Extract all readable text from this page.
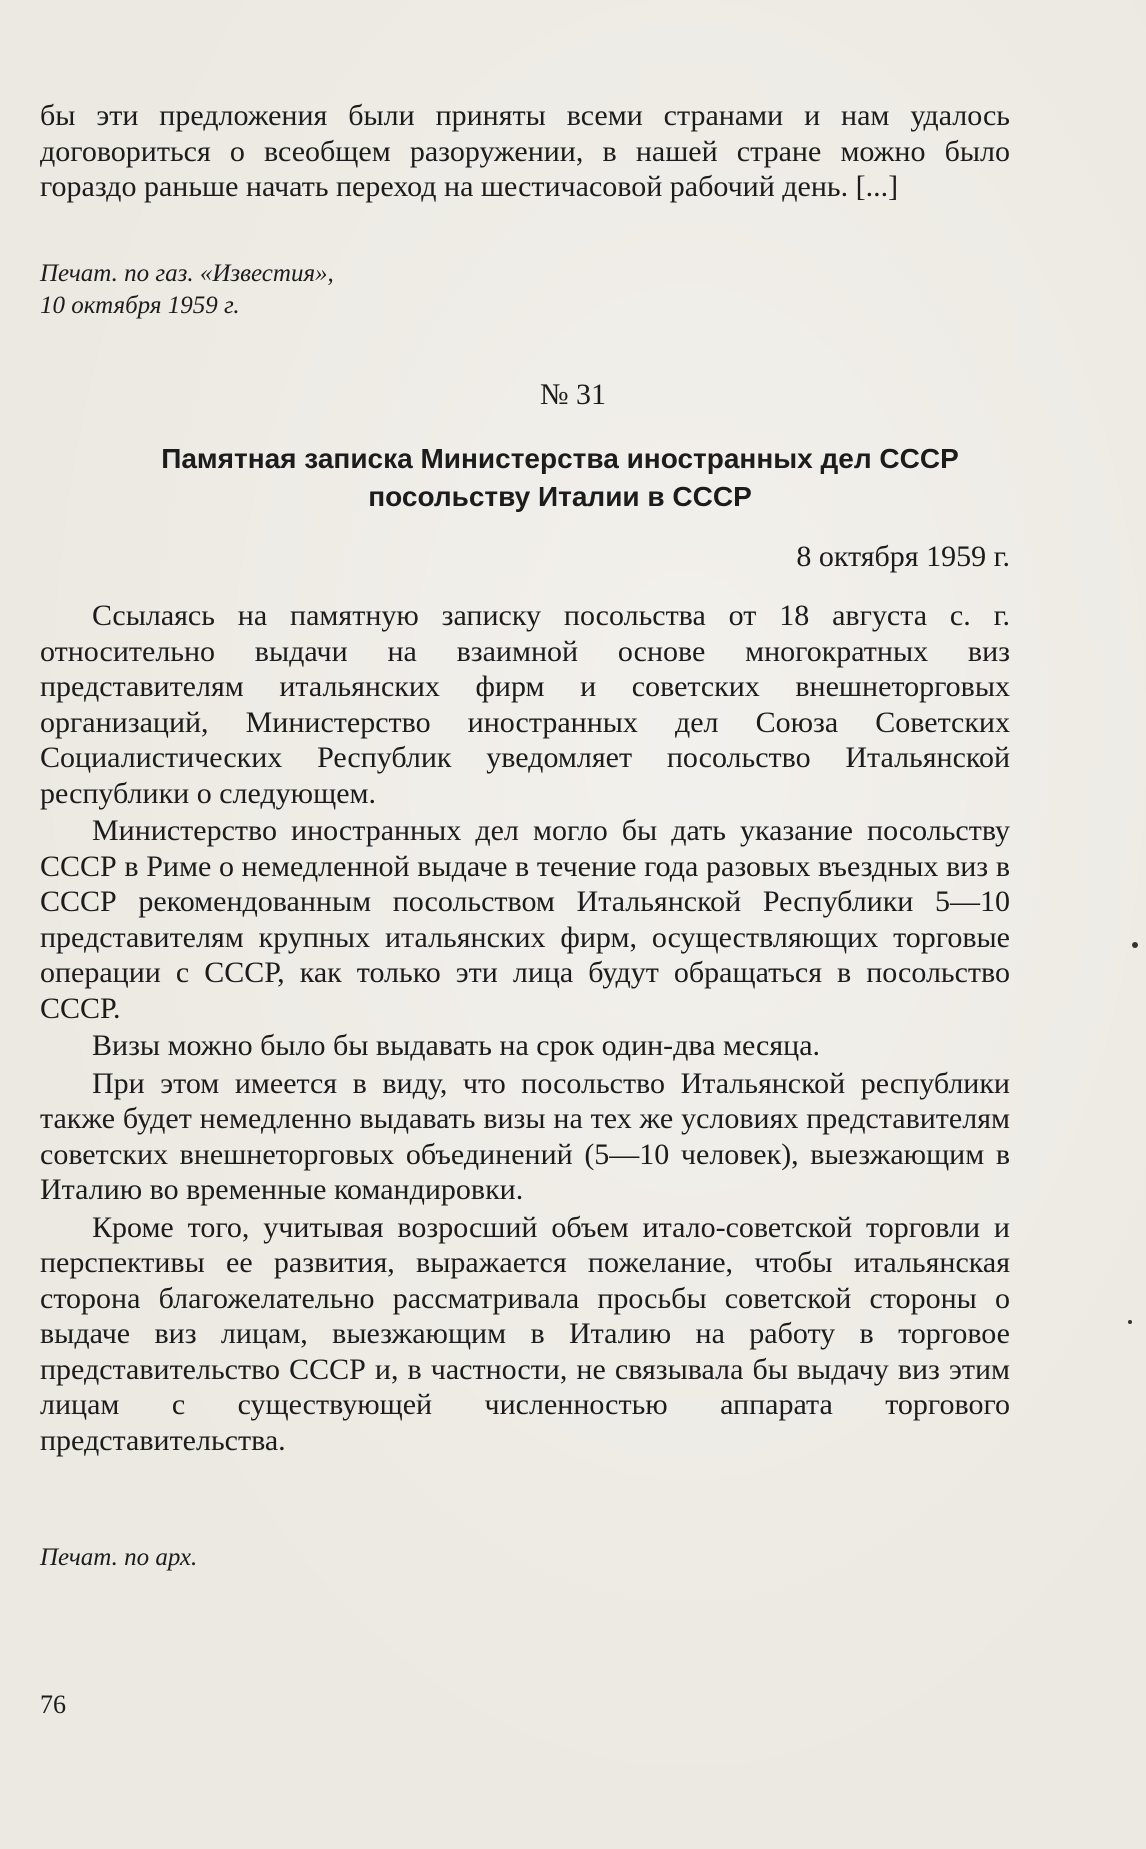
бы эти предложения были приняты всеми странами и нам удалось договориться о всеобщем разоружении, в нашей стране можно было гораздо раньше начать переход на шестичасовой рабочий день. [...]

Печат. по газ. «Известия»,

10 октября 1959 г.

№ 31
Памятная записка Министерства иностранных дел СССР
посольству Италии в СССР
8 октября 1959 г.

Ссылаясь на памятную записку посольства от 18 августа с. г. относительно выдачи на взаимной основе многократных виз представителям итальянских фирм и советских внешнеторговых организаций, Министерство иностранных дел Союза Советских Социалистических Республик уведомляет посольство Итальянской республики о следующем.

Министерство иностранных дел могло бы дать указание посольству СССР в Риме о немедленной выдаче в течение года разовых въездных виз в СССР рекомендованным посольством Итальянской Республики 5—10 представителям крупных итальянских фирм, осуществляющих торговые операции с СССР, как только эти лица будут обращаться в посольство СССР.

Визы можно было бы выдавать на срок один-два месяца.

При этом имеется в виду, что посольство Итальянской республики также будет немедленно выдавать визы на тех же условиях представителям советских внешнеторговых объединений (5—10 человек), выезжающим в Италию во временные командировки.

Кроме того, учитывая возросший объем итало-советской торговли и перспективы ее развития, выражается пожелание, чтобы итальянская сторона благожелательно рассматривала просьбы советской стороны о выдаче виз лицам, выезжающим в Италию на работу в торговое представительство СССР и, в частности, не связывала бы выдачу виз этим лицам с существующей численностью аппарата торгового представительства.

Печат. по арх.

76
